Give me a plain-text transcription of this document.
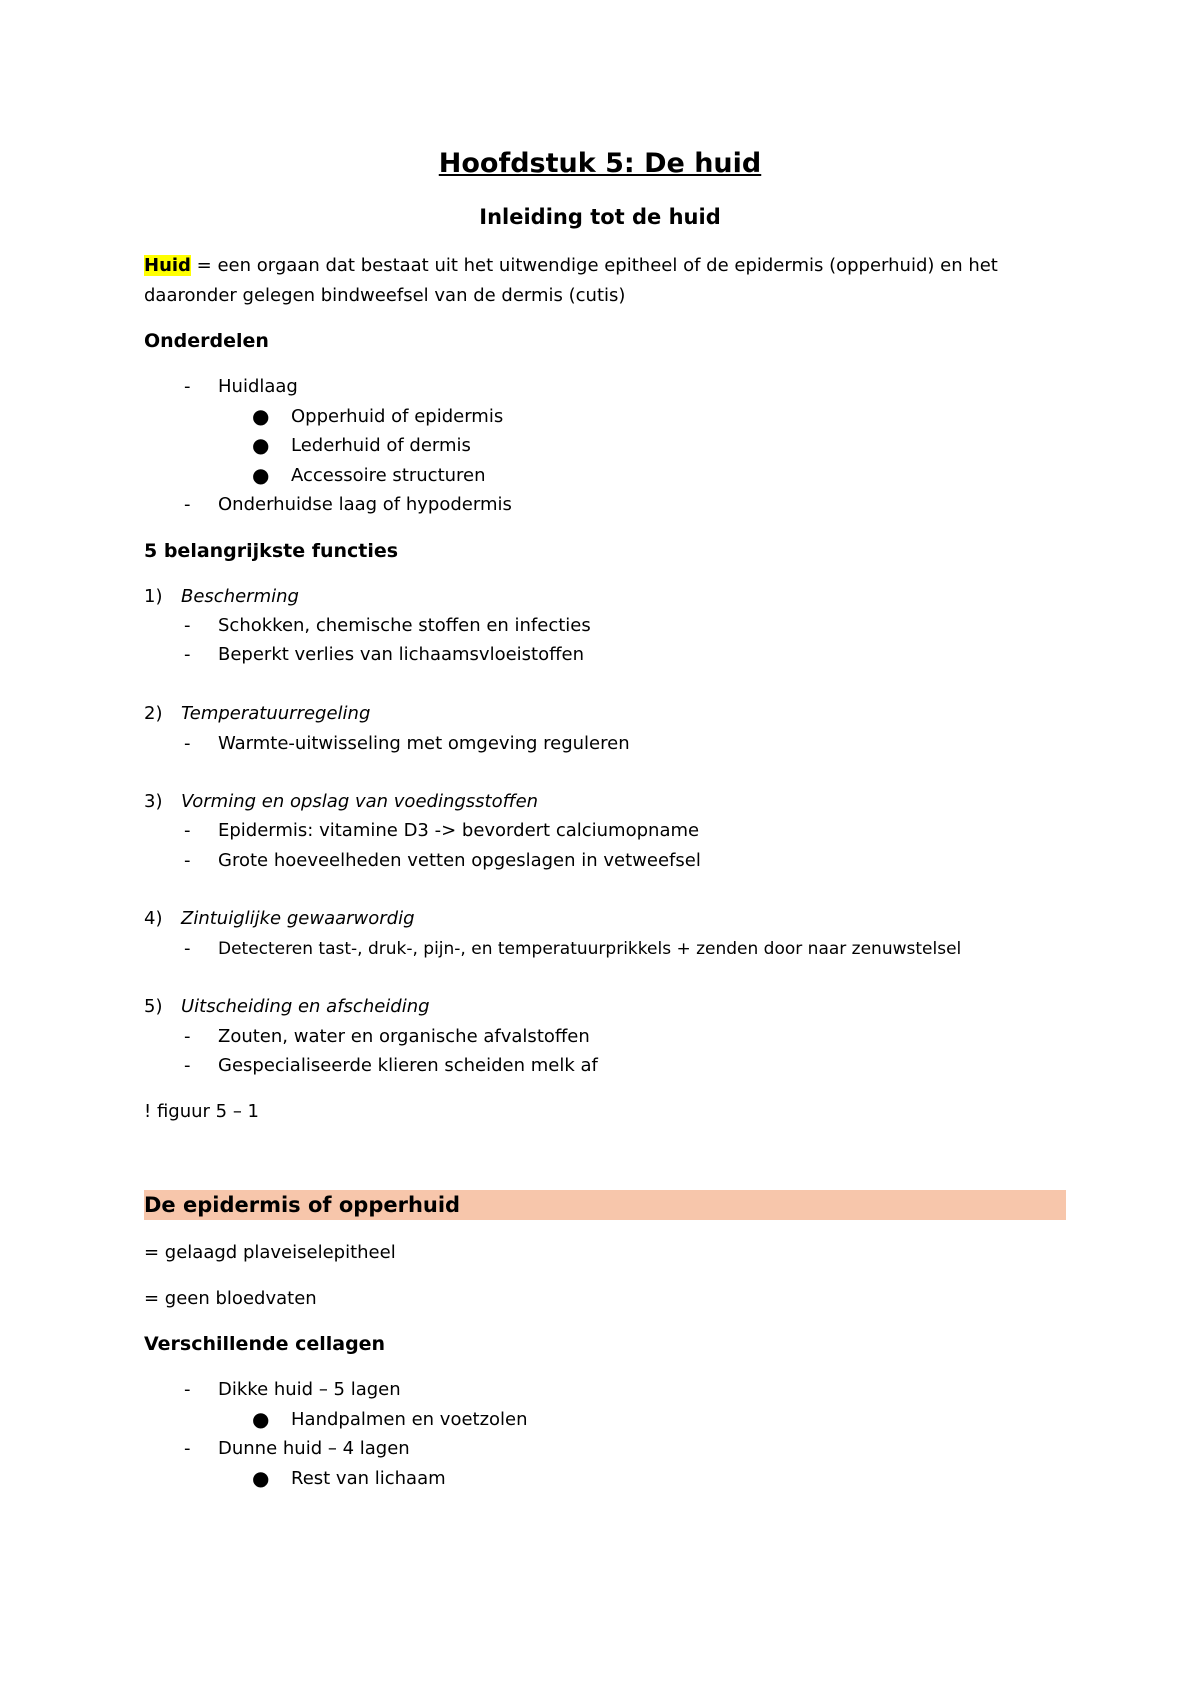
Hoofdstuk 5: De huid
Inleiding tot de huid
Huid = een orgaan dat bestaat uit het uitwendige epitheel of de epidermis (opperhuid) en het
daaronder gelegen bindweefsel van de dermis (cutis)
Onderdelen
- Huidlaag
● Opperhuid of epidermis
● Lederhuid of dermis
● Accessoire structuren
- Onderhuidse laag of hypodermis
5 belangrijkste functies
1) Bescherming
- Schokken, chemische stoffen en infecties
- Beperkt verlies van lichaamsvloeistoffen
2) Temperatuurregeling
- Warmte-uitwisseling met omgeving reguleren
3) Vorming en opslag van voedingsstoffen
- Epidermis: vitamine D3 -> bevordert calciumopname
- Grote hoeveelheden vetten opgeslagen in vetweefsel
4) Zintuiglijke gewaarwordig
- Detecteren tast-, druk-, pijn-, en temperatuurprikkels + zenden door naar zenuwstelsel
5) Uitscheiding en afscheiding
- Zouten, water en organische afvalstoffen
- Gespecialiseerde klieren scheiden melk af
! figuur 5 – 1
De epidermis of opperhuid
= gelaagd plaveiselepitheel
= geen bloedvaten
Verschillende cellagen
- Dikke huid – 5 lagen
● Handpalmen en voetzolen
- Dunne huid – 4 lagen
● Rest van lichaam
